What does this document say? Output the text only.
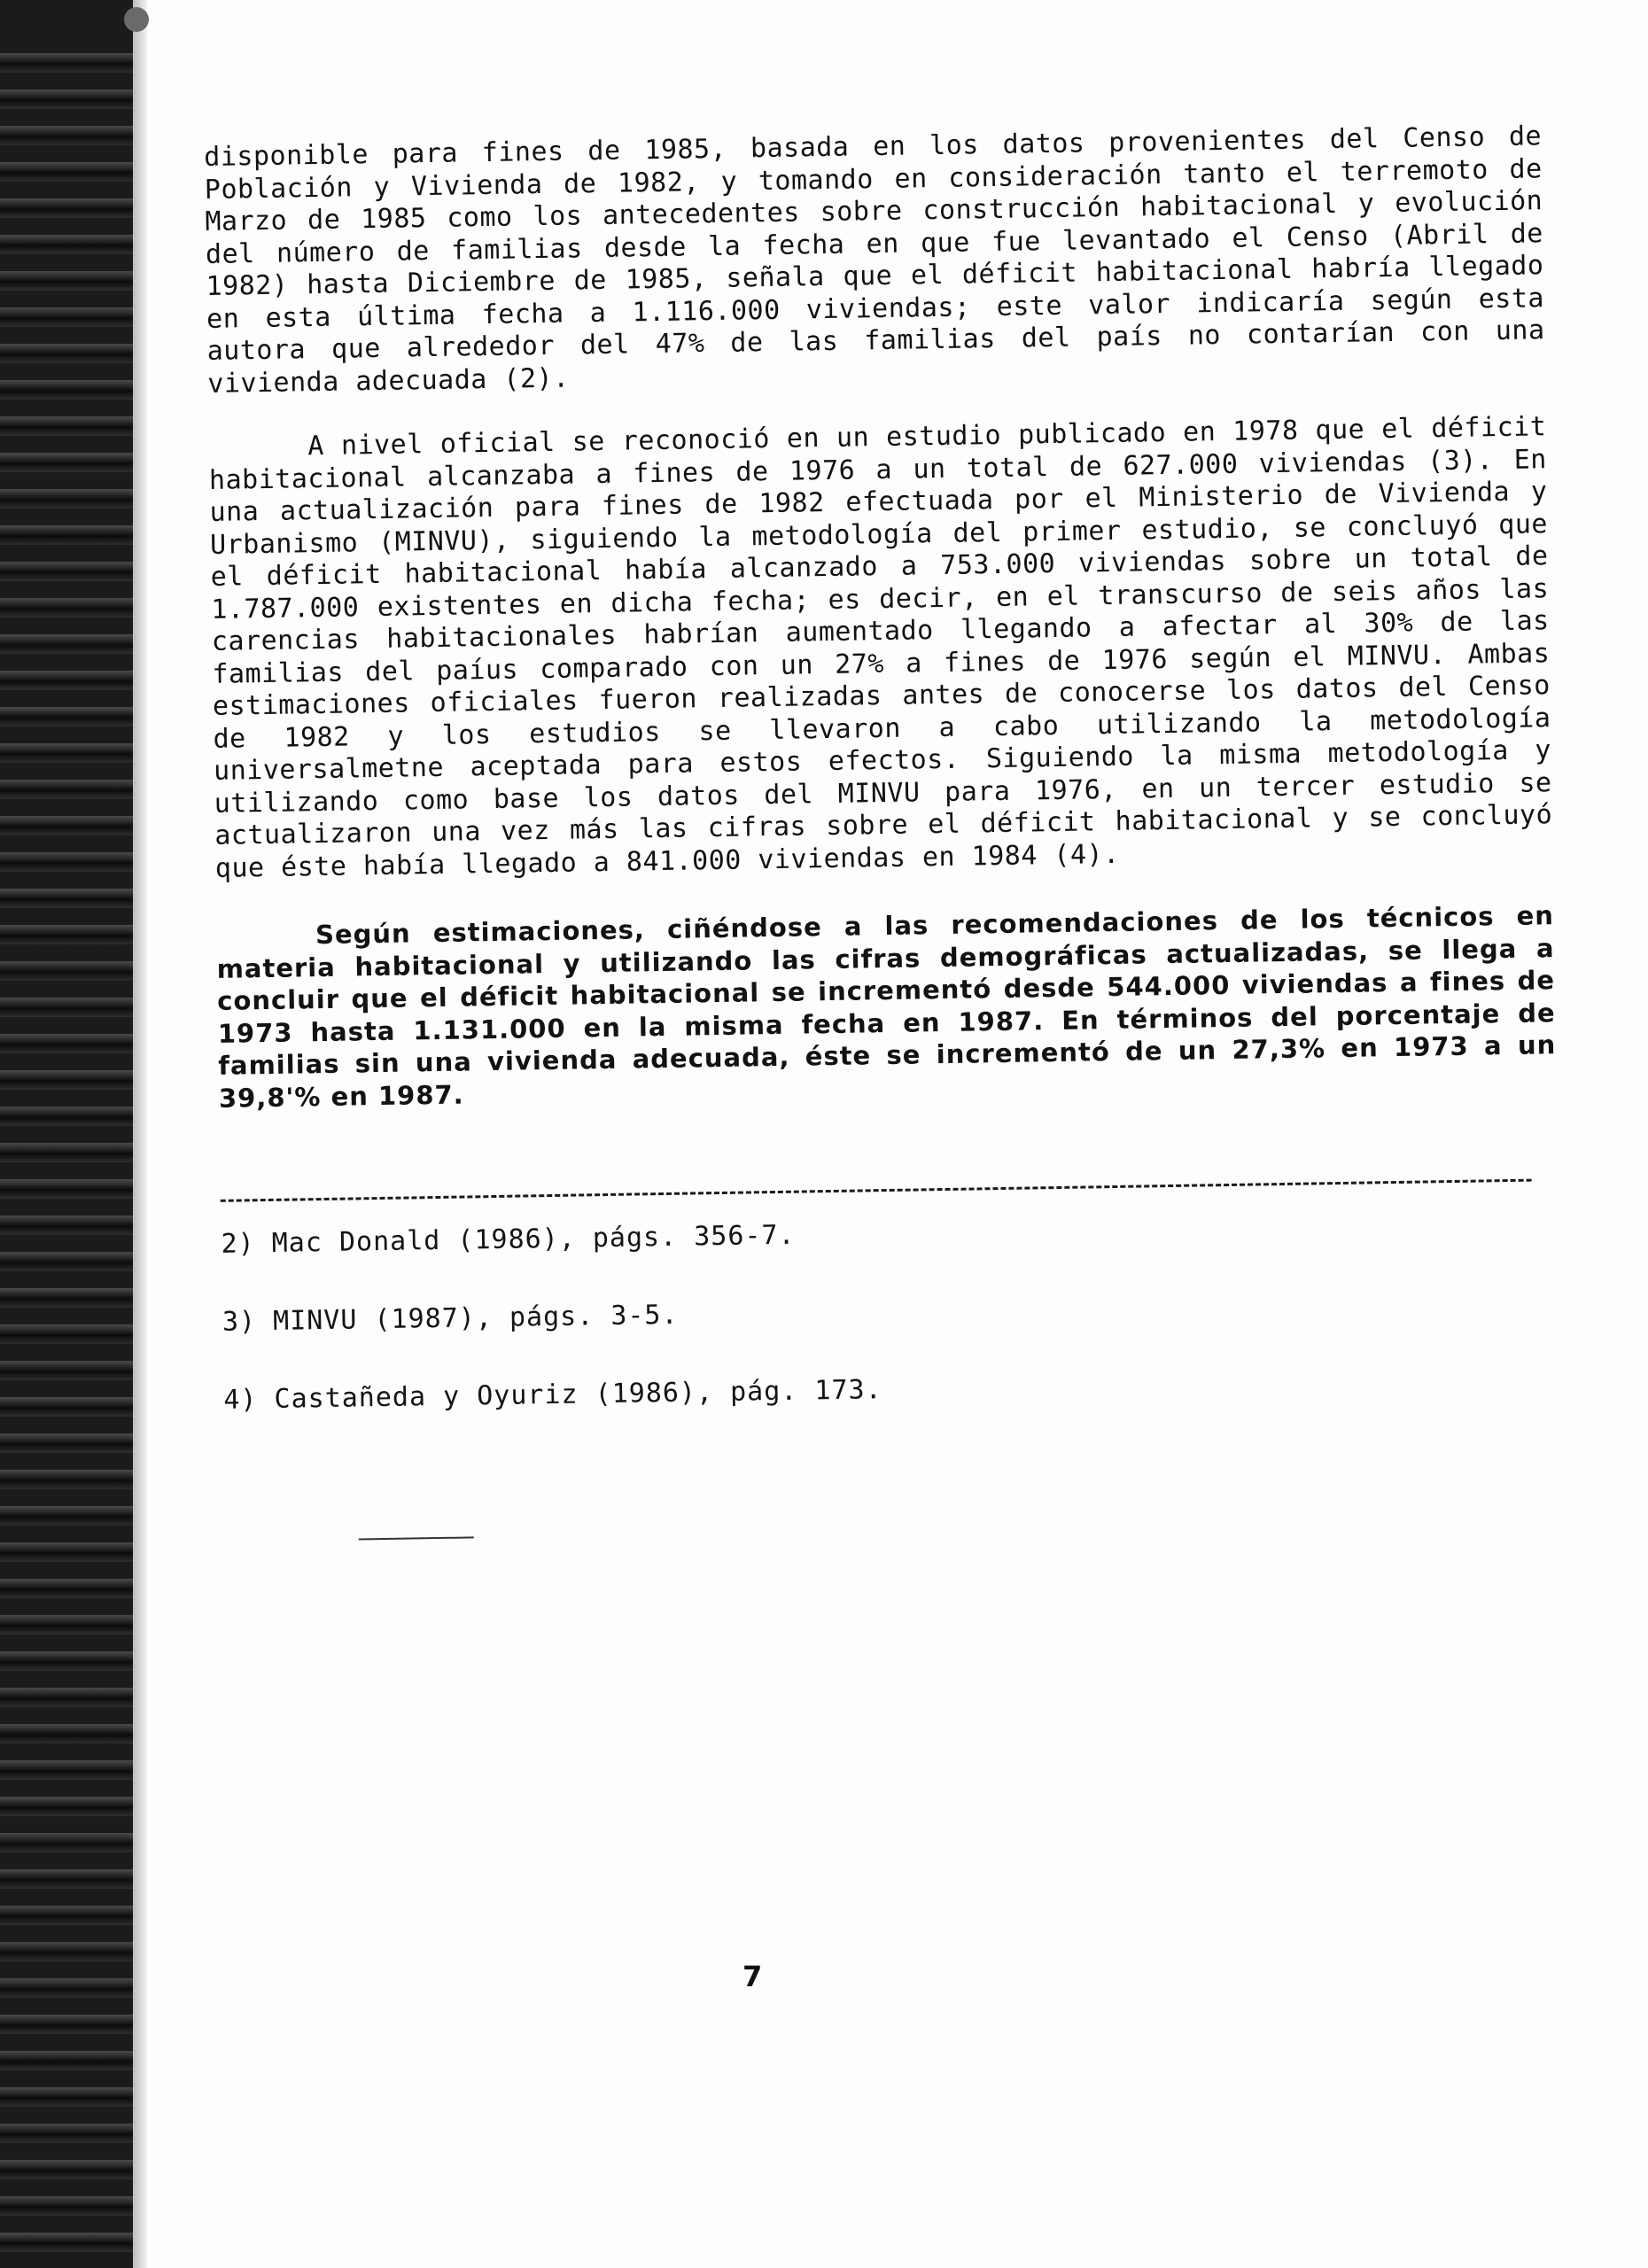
disponible para fines de 1985, basada en los datos provenientes del Censo de Población y Vivienda de 1982, y tomando en consideración tanto el terremoto de Marzo de 1985 como los antecedentes sobre construcción habitacional y evolución del número de familias desde la fecha en que fue levantado el Censo (Abril de 1982) hasta Diciembre de 1985, señala que el déficit habitacional habría llegado en esta última fecha a 1.116.000 viviendas; este valor indicaría según esta autora que alrededor del 47% de las familias del país no contarían con una vivienda adecuada (2).

A nivel oficial se reconoció en un estudio publicado en 1978 que el déficit habitacional alcanzaba a fines de 1976 a un total de 627.000 viviendas (3). En una actualización para fines de 1982 efectuada por el Ministerio de Vivienda y Urbanismo (MINVU), siguiendo la metodología del primer estudio, se concluyó que el déficit habitacional había alcanzado a 753.000 viviendas sobre un total de 1.787.000 existentes en dicha fecha; es decir, en el transcurso de seis años las carencias habitacionales habrían aumentado llegando a afectar al 30% de las familias del paíus comparado con un 27% a fines de 1976 según el MINVU. Ambas estimaciones oficiales fueron realizadas antes de conocerse los datos del Censo de 1982 y los estudios se llevaron a cabo utilizando la metodología universalmetne aceptada para estos efectos. Siguiendo la misma metodología y utilizando como base los datos del MINVU para 1976, en un tercer estudio se actualizaron una vez más las cifras sobre el déficit habitacional y se concluyó que éste había llegado a 841.000 viviendas en 1984 (4).

Según estimaciones, ciñéndose a las recomendaciones de los técnicos en materia habitacional y utilizando las cifras demográficas actualizadas, se llega a concluir que el déficit habitacional se incrementó desde 544.000 viviendas a fines de 1973 hasta 1.131.000 en la misma fecha en 1987. En términos del porcentaje de familias sin una vivienda adecuada, éste se incrementó de un 27,3% en 1973 a un 39,8'% en 1987.

2) Mac Donald (1986), págs. 356-7.

3) MINVU (1987), págs. 3-5.

4) Castañeda y Oyuriz (1986), pág. 173.

7
